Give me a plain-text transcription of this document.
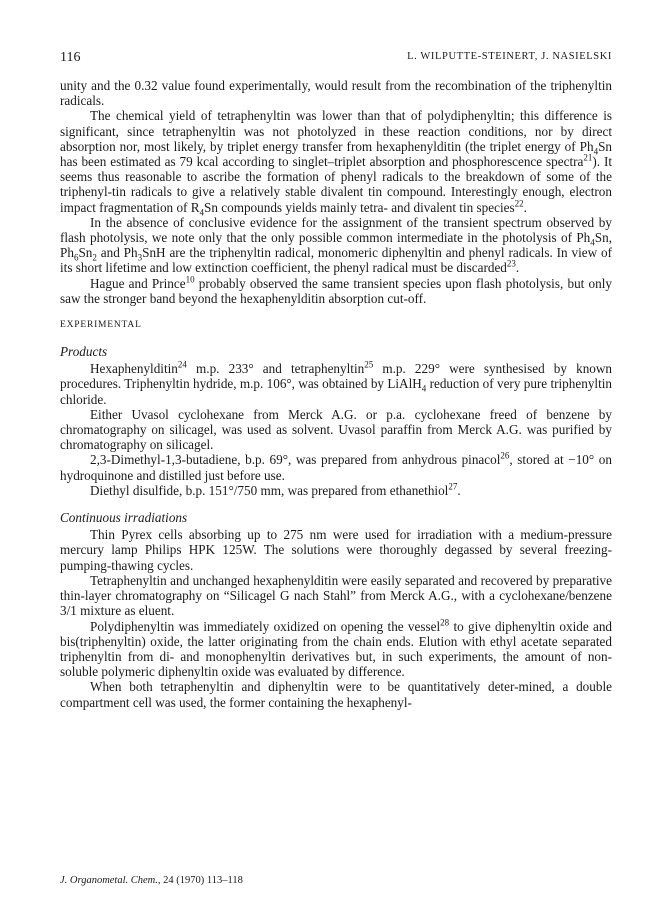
116	L. WILPUTTE-STEINERT, J. NASIELSKI

unity and the 0.32 value found experimentally, would result from the recombination of the triphenyltin radicals.

The chemical yield of tetraphenyltin was lower than that of polydiphenyltin; this difference is significant, since tetraphenyltin was not photolyzed in these reaction conditions, nor by direct absorption nor, most likely, by triplet energy transfer from hexaphenylditin (the triplet energy of $Ph_4Sn$ has been estimated as 79 kcal according to singlet–triplet absorption and phosphorescence spectra$^{21}$). It seems thus reasonable to ascribe the formation of phenyl radicals to the breakdown of some of the triphenyl-tin radicals to give a relatively stable divalent tin compound. Interestingly enough, electron impact fragmentation of $R_4Sn$ compounds yields mainly tetra- and divalent tin species$^{22}$.

In the absence of conclusive evidence for the assignment of the transient spectrum observed by flash photolysis, we note only that the only possible common intermediate in the photolysis of $Ph_4Sn$, $Ph_6Sn_2$ and $Ph_3SnH$ are the triphenyltin radical, monomeric diphenyltin and phenyl radicals. In view of its short lifetime and low extinction coefficient, the phenyl radical must be discarded$^{23}$.

Hague and Prince$^{10}$ probably observed the same transient species upon flash photolysis, but only saw the stronger band beyond the hexaphenylditin absorption cut-off.

EXPERIMENTAL
Products

Hexaphenylditin$^{24}$ m.p. 233° and tetraphenyltin$^{25}$ m.p. 229° were synthesised by known procedures. Triphenyltin hydride, m.p. 106°, was obtained by LiAlH$_4$ reduction of very pure triphenyltin chloride.

Either Uvasol cyclohexane from Merck A.G. or p.a. cyclohexane freed of benzene by chromatography on silicagel, was used as solvent. Uvasol paraffin from Merck A.G. was purified by chromatography on silicagel.

2,3-Dimethyl-1,3-butadiene, b.p. 69°, was prepared from anhydrous pinacol$^{26}$, stored at −10° on hydroquinone and distilled just before use.

Diethyl disulfide, b.p. 151°/750 mm, was prepared from ethanethiol$^{27}$.

Continuous irradiations

Thin Pyrex cells absorbing up to 275 nm were used for irradiation with a medium-pressure mercury lamp Philips HPK 125W. The solutions were thoroughly degassed by several freezing-pumping-thawing cycles.

Tetraphenyltin and unchanged hexaphenylditin were easily separated and recovered by preparative thin-layer chromatography on “Silicagel G nach Stahl” from Merck A.G., with a cyclohexane/benzene 3/1 mixture as eluent.

Polydiphenyltin was immediately oxidized on opening the vessel$^{28}$ to give diphenyltin oxide and bis(triphenyltin) oxide, the latter originating from the chain ends. Elution with ethyl acetate separated triphenyltin from di- and monophenyltin derivatives but, in such experiments, the amount of non-soluble polymeric diphenyltin oxide was evaluated by difference.

When both tetraphenyltin and diphenyltin were to be quantitatively deter-mined, a double compartment cell was used, the former containing the hexaphenyl-

J. Organometal. Chem., 24 (1970) 113–118
